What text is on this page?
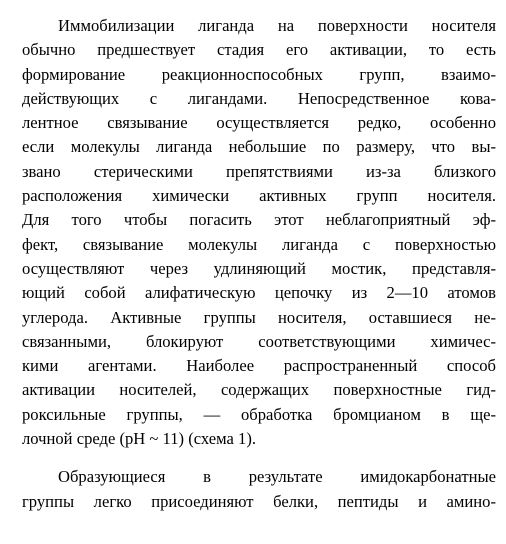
Иммобилизации лиганда на поверхности носителя
обычно предшествует стадия его активации, то есть
формирование реакционноспособных групп, взаимо-
действующих с лигандами. Непосредственное кова-
лентное связывание осуществляется редко, особенно
если молекулы лиганда небольшие по размеру, что вы-
звано стерическими препятствиями из-за близкого
расположения химически активных групп носителя.
Для того чтобы погасить этот неблагоприятный эф-
фект, связывание молекулы лиганда с поверхностью
осуществляют через удлиняющий мостик, представля-
ющий собой алифатическую цепочку из 2—10 атомов
углерода. Активные группы носителя, оставшиеся не-
связанными, блокируют соответствующими химичес-
кими агентами. Наиболее распространенный способ
активации носителей, содержащих поверхностные гид-
роксильные группы, — обработка бромцианом в ще-
лочной среде (pH ~ 11) (схема 1).
Образующиеся в результате имидокарбонатные
группы легко присоединяют белки, пептиды и амино-
